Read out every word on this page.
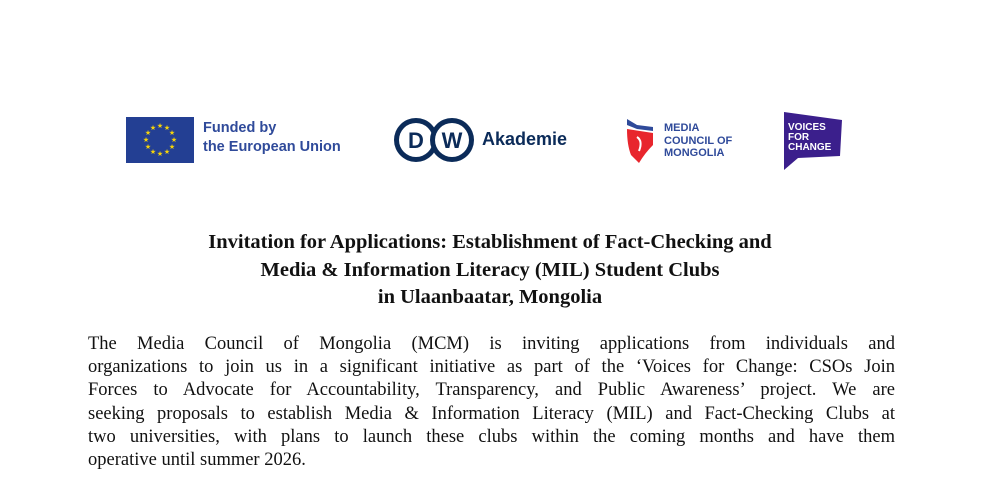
★ ★
★
★
★
★
★
★
★
★
★
★	Funded by
the European Union	D W Akademie
MEDIA
COUNCIL OF
MONGOLIA
VOICES
FOR
CHANGE
Invitation for Applications: Establishment of Fact-Checking and
Media & Information Literacy (MIL) Student Clubs
in Ulaanbaatar, Mongolia
The Media Council of Mongolia (MCM) is inviting applications from individuals and
organizations to join us in a significant initiative as part of the ‘Voices for Change: CSOs Join
Forces to Advocate for Accountability, Transparency, and Public Awareness’ project. We are
seeking proposals to establish Media & Information Literacy (MIL) and Fact-Checking Clubs at
two universities, with plans to launch these clubs within the coming months and have them
operative until summer 2026.
